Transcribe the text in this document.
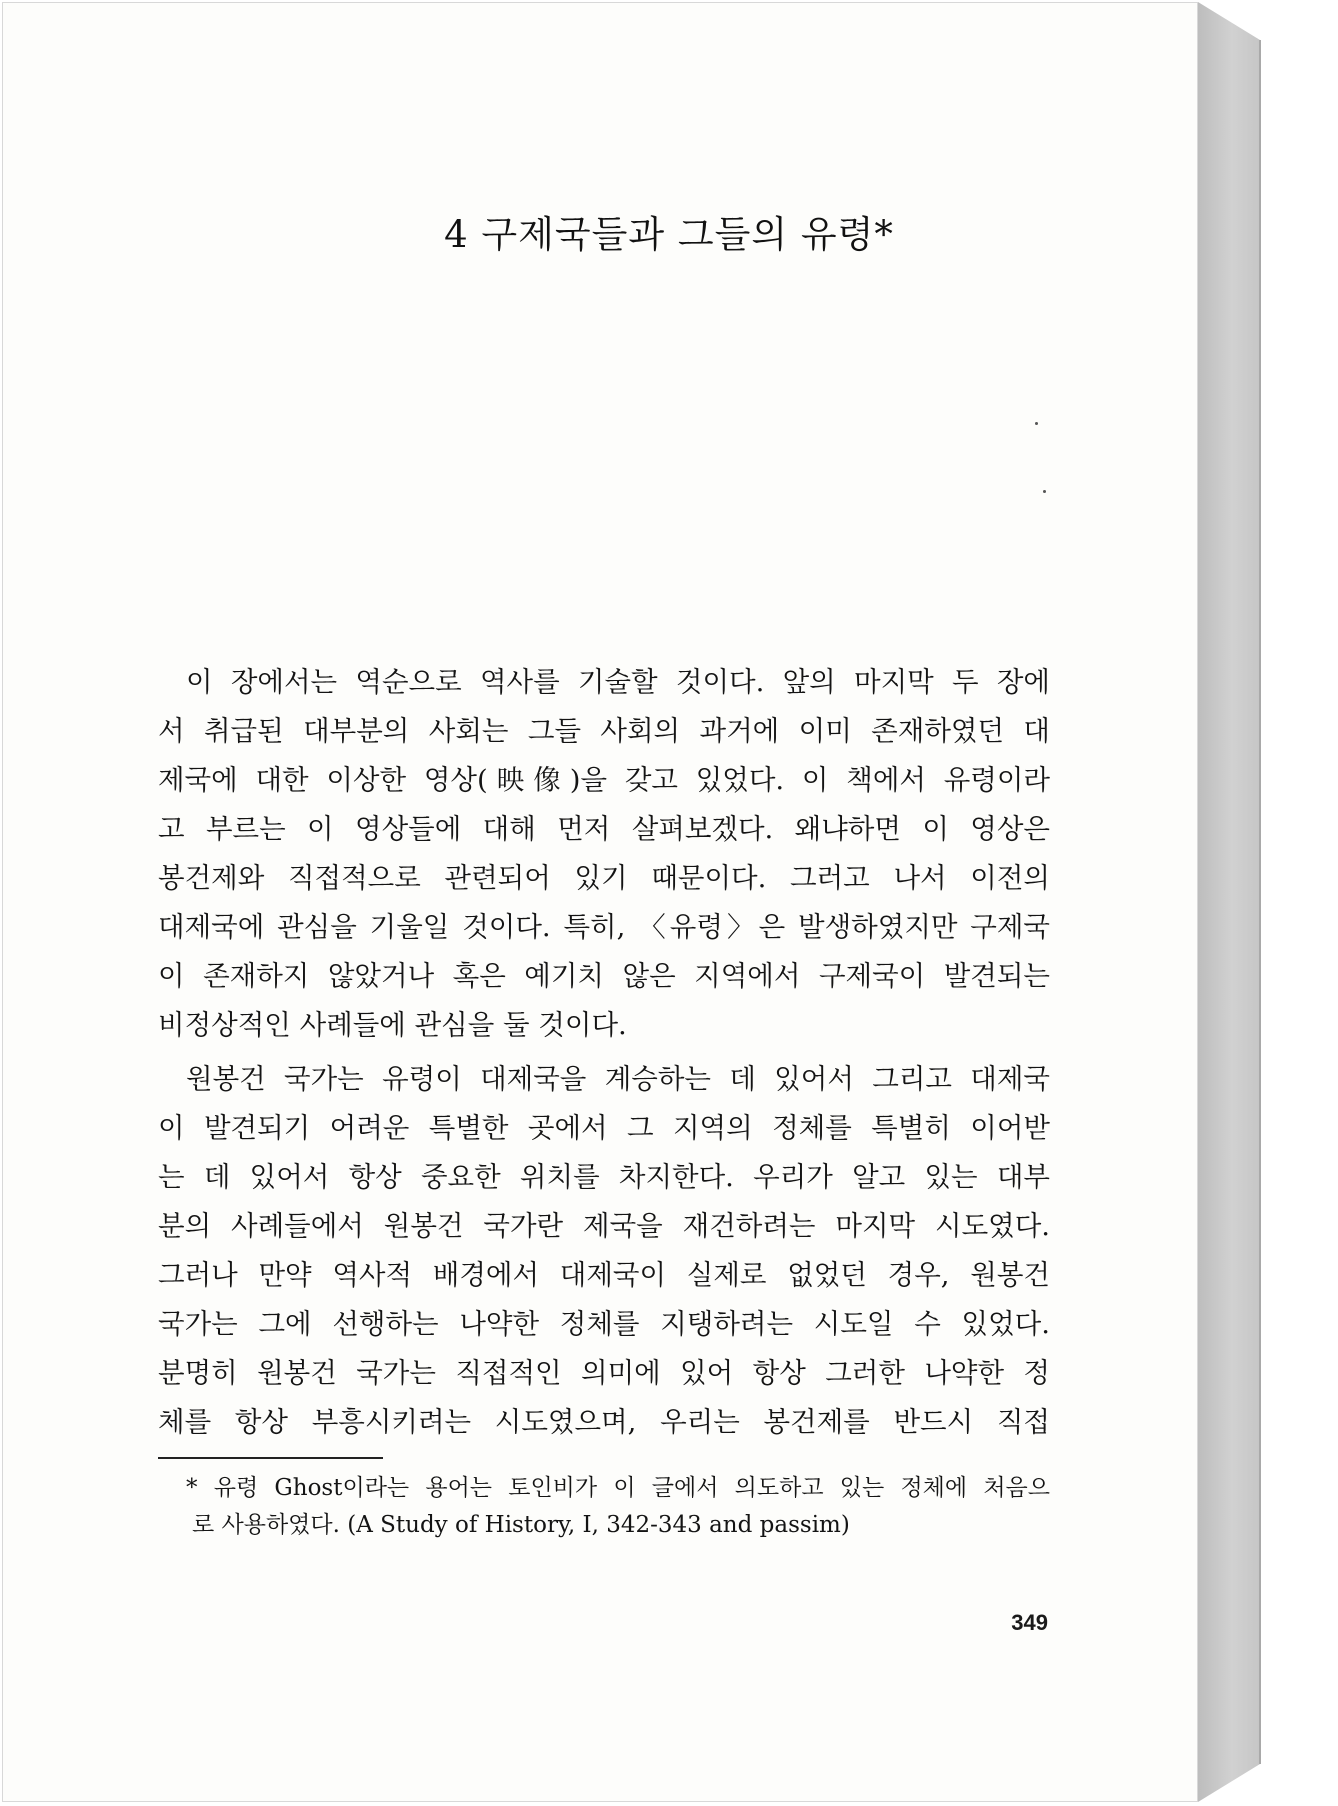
4 구제국들과 그들의 유령*
이 장에서는 역순으로 역사를 기술할 것이다. 앞의 마지막 두 장에
서 취급된 대부분의 사회는 그들 사회의 과거에 이미 존재하였던 대
제국에 대한 이상한 영상(映像)을 갖고 있었다. 이 책에서 유령이라
고 부르는 이 영상들에 대해 먼저 살펴보겠다. 왜냐하면 이 영상은
봉건제와 직접적으로 관련되어 있기 때문이다. 그러고 나서 이전의
대제국에 관심을 기울일 것이다. 특히, 〈유령〉은 발생하였지만 구제국
이 존재하지 않았거나 혹은 예기치 않은 지역에서 구제국이 발견되는
비정상적인 사례들에 관심을 둘 것이다.
원봉건 국가는 유령이 대제국을 계승하는 데 있어서 그리고 대제국
이 발견되기 어려운 특별한 곳에서 그 지역의 정체를 특별히 이어받
는 데 있어서 항상 중요한 위치를 차지한다. 우리가 알고 있는 대부
분의 사례들에서 원봉건 국가란 제국을 재건하려는 마지막 시도였다.
그러나 만약 역사적 배경에서 대제국이 실제로 없었던 경우, 원봉건
국가는 그에 선행하는 나약한 정체를 지탱하려는 시도일 수 있었다.
분명히 원봉건 국가는 직접적인 의미에 있어 항상 그러한 나약한 정
체를 항상 부흥시키려는 시도였으며, 우리는 봉건제를 반드시 직접
* 유령 Ghost이라는 용어는 토인비가 이 글에서 의도하고 있는 정체에 처음으
로 사용하였다. (A Study of History, Ⅰ, 342-343 and passim)
349
